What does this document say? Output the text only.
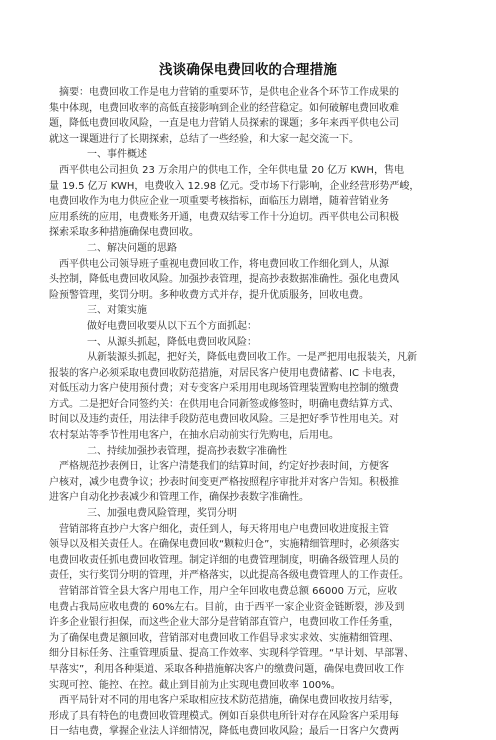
浅谈确保电费回收的合理措施
摘要：电费回收工作是电力营销的重要环节，是供电企业各个环节工作成果的
集中体现，电费回收率的高低直接影响到企业的经营稳定。如何破解电费回收难
题，降低电费回收风险，一直是电力营销人员探索的课题；多年来西平供电公司
就这一课题进行了长期探索，总结了一些经验，和大家一起交流一下。
一、事件概述
西平供电公司担负 23 万余用户的供电工作，全年供电量 20 亿万 KWH，售电
量 19.5 亿万 KWH，电费收入 12.98 亿元。受市场下行影响，企业经营形势严峻，
电费回收作为电力供应企业一项重要考核指标，面临压力剧增，随着营销业务
应用系统的应用，电费账务开通，电费双结零工作十分迫切。西平供电公司积极
探索采取多种措施确保电费回收。
二、解决问题的思路
西平供电公司领导班子重视电费回收工作，将电费回收工作细化到人，从源
头控制，降低电费回收风险。加强抄表管理，提高抄表数据准确性。强化电费风
险预警管理，奖罚分明。多种收费方式并存，提升优质服务，回收电费。
三、对策实施
做好电费回收要从以下五个方面抓起：
一、从源头抓起，降低电费回收风险：
从新装源头抓起，把好关，降低电费回收工作。一是严把用电报装关，凡新
报装的客户必须采取电费回收防范措施，对居民客户使用电费储蓄、IC 卡电表，
对低压动力客户使用预付费；对专变客户采用用电现场管理装置购电控制的缴费
方式。二是把好合同签约关：在供用电合同新签或修签时，明确电费结算方式、
时间以及违约责任，用法律手段防范电费回收风险。三是把好季节性用电关。对
农村泵站等季节性用电客户，在抽水启动前实行先购电，后用电。
二、持续加强抄表管理，提高抄表数字准确性
严格规范抄表例日，让客户清楚我们的结算时间，约定好抄表时间，方便客
户核对，减少电费争议；抄表时间变更严格按照程序审批并对客户告知。积极推
进客户自动化抄表减少和管理工作，确保抄表数字准确性。
三、加强电费风险管理，奖罚分明
营销部将直抄户大客户细化，责任到人，每天将用电户电费回收进度报主管
领导以及相关责任人。在确保电费回收“颗粒归仓”，实施精细管理时，必须落实
电费回收责任抓电费回收管理。制定详细的电费管理制度，明确各级管理人员的
责任，实行奖罚分明的管理，并严格落实，以此提高各级电费管理人的工作责任。
营销部首管全县大客户用电工作，用户全年回收电费总额 66000 万元，应收
电费占我局应收电费的 60%左右。目前，由于西平一家企业资金链断裂，涉及到
许多企业银行担保，而这些企业大部分是营销部直管户，电费回收工作任务重，
为了确保电费足额回收，营销部对电费回收工作倡导求实求效、实施精细管理、
细分目标任务、注重管理质量、提高工作效率、实现科学管理。“早计划、早部署、
早落实”，利用各种渠道、采取各种措施解决客户的缴费问题，确保电费回收工作
实现可控、能控、在控。截止到目前为止实现电费回收率 100%。
西平局针对不同的用电客户采取相应技术防范措施，确保电费回收按月结零，
形成了具有特色的电费回收管理模式。例如百泉供电所针对存在风险客户采用每
日一结电费，掌握企业法人详细情况，降低电费回收风险；最后一日客户欠费两
